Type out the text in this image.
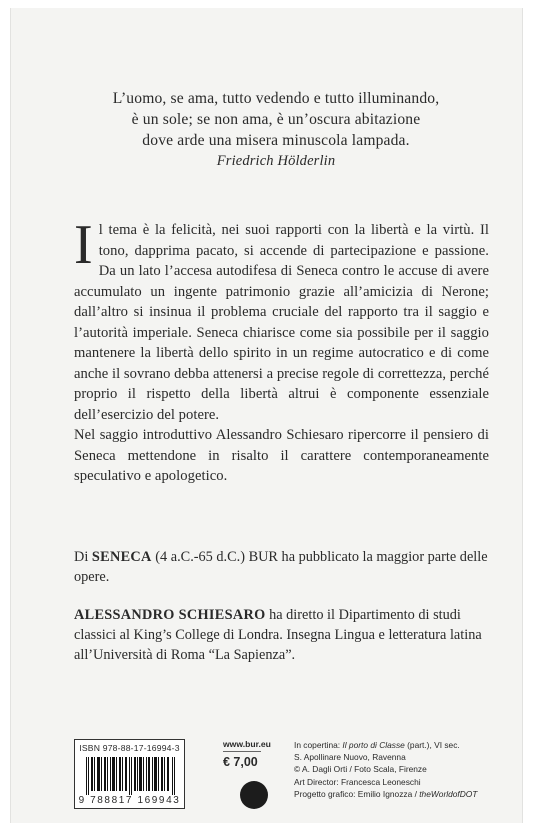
L’uomo, se ama, tutto vedendo e tutto illuminando,
è un sole; se non ama, è un’oscura abitazione
dove arde una misera minuscola lampada.
Friedrich Hölderlin

Il tema è la felicità, nei suoi rapporti con la libertà e la virtù. Il tono, dapprima pacato, si accende di partecipazione e passione. Da un lato l’accesa autodifesa di Seneca contro le accuse di avere accumulato un ingente patrimonio grazie all’amicizia di Nerone; dall’altro si insinua il problema cruciale del rapporto tra il saggio e l’autorità imperiale. Seneca chiarisce come sia possibile per il saggio mantenere la libertà dello spirito in un regime autocratico e di come anche il sovrano debba attenersi a precise regole di correttezza, perché proprio il rispetto della libertà altrui è componente essenziale dell’esercizio del potere.

Nel saggio introduttivo Alessandro Schiesaro ripercorre il pensiero di Seneca mettendone in risalto il carattere contemporaneamente speculativo e apologetico.

Di SENECA (4 a.C.-65 d.C.) BUR ha pubblicato la maggior parte delle opere.
ALESSANDRO SCHIESARO ha diretto il Dipartimento di studi classici al King’s College di Londra. Insegna Lingua e letteratura latina all’Università di Roma “La Sapienza”.
ISBN 978-88-17-16994-3
9 788817 169943
www.bur.eu
€ 7,00
In copertina: Il porto di Classe (part.), VI sec.
S. Apollinare Nuovo, Ravenna
© A. Dagli Orti / Foto Scala, Firenze
Art Director: Francesca Leoneschi
Progetto grafico: Emilio Ignozza / theWorldofDOT
